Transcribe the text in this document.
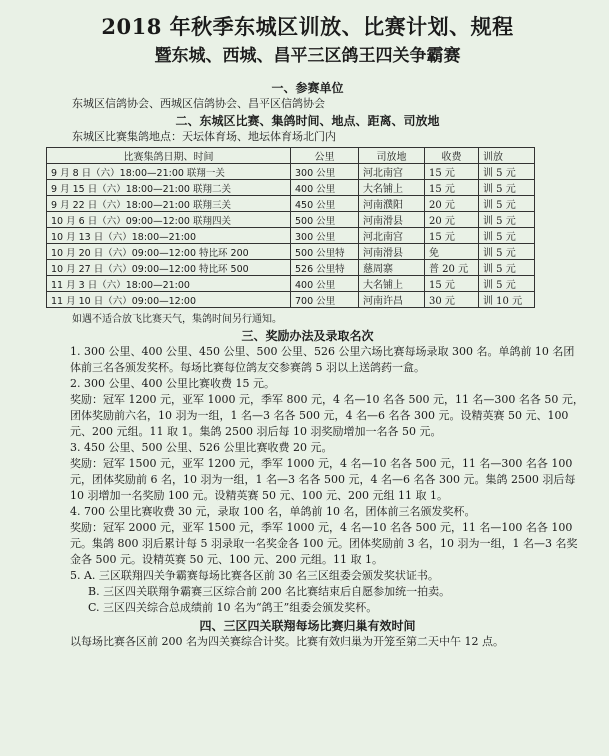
2018 年秋季东城区训放、比赛计划、规程
暨东城、西城、昌平三区鸽王四关争霸赛
一、参赛单位
东城区信鸽协会、西城区信鸽协会、昌平区信鸽协会
二、东城区比赛、集鸽时间、地点、距离、司放地
东城区比赛集鸽地点：天坛体育场、地坛体育场北门内
比赛集鸽日期、时间	公里	司放地	收费	训放
9 月 8 日（六）18:00—21:00 联翔一关	300 公里	河北南宫	15 元	训 5 元
9 月 15 日（六）18:00—21:00 联翔二关	400 公里	大名铺上	15 元	训 5 元
9 月 22 日（六）18:00—21:00 联翔三关	450 公里	河南濮阳	20 元	训 5 元
10 月 6 日（六）09:00—12:00 联翔四关	500 公里	河南滑县	20 元	训 5 元
10 月 13 日（六）18:00—21:00	300 公里	河北南宫	15 元	训 5 元
10 月 20 日（六）09:00—12:00 特比环 200	500 公里特	河南滑县	免	训 5 元
10 月 27 日（六）09:00—12:00 特比环 500	526 公里特	慈周寨	普 20 元	训 5 元
11 月 3 日（六）18:00—21:00	400 公里	大名铺上	15 元	训 5 元
11 月 10 日（六）09:00—12:00	700 公里	河南许昌	30 元	训 10 元
如遇不适合放飞比赛天气，集鸽时间另行通知。
三、奖励办法及录取名次
1. 300 公里、400 公里、450 公里、500 公里、526 公里六场比赛每场录取 300 名。单鸽前 10 名团体前三名各颁发奖杯。每场比赛每位鸽友交参赛鸽 5 羽以上送鸽药一盒。
2. 300 公里、400 公里比赛收费 15 元。
奖励：冠军 1200 元，亚军 1000 元，季军 800 元，4 名—10 名各 500 元，11 名—300 名各 50 元，团体奖励前六名，10 羽为一组，1 名—3 名各 500 元，4 名—6 名各 300 元。设精英赛 50 元、100 元、200 元组。11 取 1。集鸽 2500 羽后每 10 羽奖励增加一名各 50 元。
3. 450 公里、500 公里、526 公里比赛收费 20 元。
奖励：冠军 1500 元，亚军 1200 元，季军 1000 元，4 名—10 名各 500 元，11 名—300 名各 100 元，团体奖励前 6 名，10 羽为一组，1 名—3 名各 500 元，4 名—6 名各 300 元。集鸽 2500 羽后每 10 羽增加一名奖励 100 元。设精英赛 50 元、100 元、200 元组 11 取 1。
4. 700 公里比赛收费 30 元，录取 100 名，单鸽前 10 名，团体前三名颁发奖杯。
奖励：冠军 2000 元，亚军 1500 元，季军 1000 元，4 名—10 名各 500 元，11 名—100 名各 100 元。集鸽 800 羽后累计每 5 羽录取一名奖金各 100 元。团体奖励前 3 名，10 羽为一组，1 名—3 名奖金各 500 元。设精英赛 50 元、100 元、200 元组。11 取 1。
5. A. 三区联翔四关争霸赛每场比赛各区前 30 名三区组委会颁发奖状证书。
B. 三区四关联翔争霸赛三区综合前 200 名比赛结束后自愿参加统一拍卖。
C. 三区四关综合总成绩前 10 名为“鸽王”组委会颁发奖杯。
四、三区四关联翔每场比赛归巢有效时间
以每场比赛各区前 200 名为四关赛综合计奖。比赛有效归巢为开笼至第二天中午 12 点。
